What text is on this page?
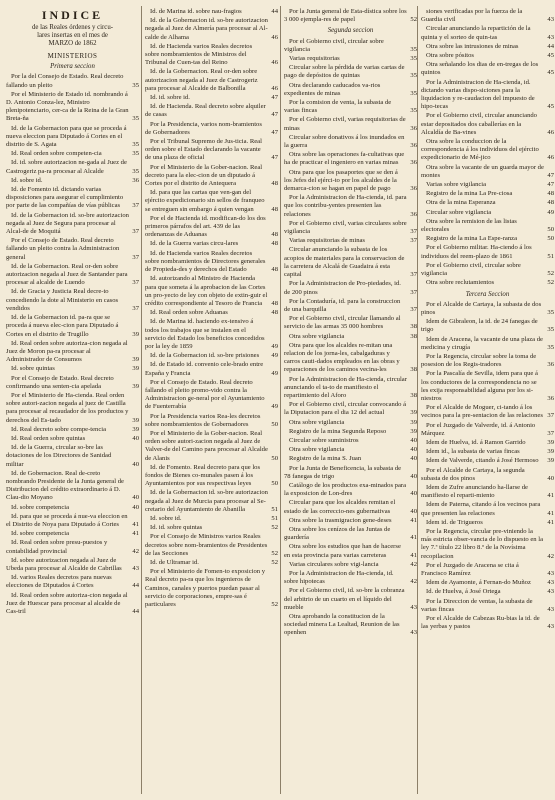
INDICE
de las Reales órdenes y circu-
lares insertas en el mes de
MARZO de 1862
MINISTERIOS
Primera seccion
Por la del Consejo de Estado. Real decreto fallando un pleito	35
Por el Ministerio de Estado id. nombrando á D. Antonio Conza-lez, Ministro plenipotenciario, cer-ca de la Reina de la Gran Breta-ña	35
Id. de la Gobernacion para que se proceda á nueva eleccion para Diputado á Cortes en el distrito de S. Agata	35
Id. Real orden sobre competen-cia	35
Id. id. sobre autorizacion ne-gada al Juez de Castrogeriz pa-ra procesar al Alcalde	35
Id. sobre id.	36
Id. de Fomento id. dictando varias disposiciones para asegurar el cumplimiento por parte de las compañías de vías públicas 37
Id. de la Gobernacion id. so-bre autorizacion negada al Juez de Segura para procesar al Alcal-de de Moquitá	37
Por el Consejo de Estado. Real decreto fallando un pleito contra la Administracion general	37
Id. de la Gobernacion. Real or-den sobre autorizacion negada al Juez de Santander para procesar al alcalde de Luendo	37
Id. de Gracia y Justicia Real decre-to concediendo la dote al Ministerio en casos vendidos	37
Id. de la Gobernacion id. pa-ra que se proceda á nueva elec-cion para Diputado á Cortes en el distrito de Trugillo	39
Id. Real orden sobre autoriza-cion negada al Juez de Moron pa-ra procesar al Administrador de Consumos	39
Id. sobre quintas	39
Por el Consejo de Estado. Real decreto confirmando una senten-cia apelada	39
Por el Ministerio de Ha-cienda. Real orden sobre autori-zacion negada al juez de Castilla para procesar al recaudador de los productos y derechos del Es-tado	39
Id. Real decreto sobre compe-tencia	39
Id. Real orden sobre quintas	40
Id. de la Guerra, circular so-bre las dotaciones de los Directores de Sanidad militar	40
Id. de Gobernacion. Real de-creto nombrando Presidente de la Junta general de Distribucion del crédito extraordinario á D. Clau-dio Moyano	40
Id. sobre competencia	40
Id. para que se proceda á nue-va eleccion en el Distrito de Noya para Diputado á Cortes 41
Id. sobre competencia	41
Id. Real orden sobre presu-puestos y contabilidad provincial	42
Id. sobre autorizacion negada al Juez de Ubeda para procesar al Alcalde de Cabrillas 43
Id. varios Reales decretos para nuevas elecciones de Diputados á Cortes	44
Id. Real orden sobre autoriza-cion negada al Juez de Huescar para procesar al alcalde de Cas-tril	44
Id. de Marina id. sobre nau-fragios	44
Id. de la Gobernacion id. so-bre autorizacion negada al Juez de Almería para procesar al Al-calde de Alhama	46
Id. de Hacienda varios Reales decretos sobre nombramientos de Ministros del Tribunal de Cuen-tas del Reino	46
Id. de la Gobernacion. Real or-den sobre autorizacion negada al Juez de Castrogeriz para procesar al Alcalde de Balbonilla	46
Id. id. sobre id.	47
Id. de Hacienda. Real decreto sobre alquiler de casas	47
Por la Presidencia, varios nom-bramientos de Gobernadores	47
Por el Tribunal Supremo de Jus-ticia. Real orden sobre el Estado declarando la vacante de una plaza de oficial	47
Por el Ministerio de la Gober-nacion. Real decreto para la elec-cion de un diputado á Cortes por el distrito de Antequera	48
Id. para que las cartas que ven-gan del ejército expedicionario sin sellos de franqueo se entreguen sin embargo á quien vengan	48
Por el de Hacienda id. modifican-do los dos primeros párrafos del art. 439 de las ordenanzas de Aduanas	48
Id. de la Guerra varias circu-lares	48
Id. de Hacienda varios Reales decretos sobre nombramientos de Directores generales de Propieda-des y derechos del Estado	48
Id. autorizando al Ministro de Hacienda para que someta á la aprobacion de las Cortes un pro-yecto de ley con objeto de extin-guir el crédito correspondiente al Tesoro de Francia 48
Id. Real orden sobre Aduanas	48
Id. de Marina id. haciendo ex-tensivo á todos los trabajos que se instalen en el servicio del Estado los beneficios concedidos por la ley de 1859	49
Id. de la Gobernacion id. so-bre prisiones 49
Id. de Estado id. convenio cele-brado entre España y Francia	49
Por el Consejo de Estado. Real decreto fallando el pleito promo-vido contra la Administracion ge-neral por el Ayuntamiento de Fuenterrabía	49
Por la Presidencia varios Rea-les decretos sobre nombramientos de Gobernadores	50
Por el Ministerio de la Gober-nacion. Real orden sobre autori-zacion negada al Juez de Valver-de del Camino para procesar al Alcalde de Alanis	50
Id. de Fomento. Real decreto para que los fondos de Bienes co-munales pasen á los Ayuntamientos por sus respectivas leyes	50
Id. de la Gobernacion id. so-bre autorizacion negada al Juez de Murcia para procesar al Se-cretario del Ayuntamiento de Abanilla	51
Id. sobre id.	51
Id. id. sobre quintas	52
Por el Consejo de Ministros varios Reales decretos sobre nom-bramientos de Presidentes de las Secciones	52
Id. de Ultramar id.	52
Por el Ministerio de Fomen-to exposicion y Real decreto pa-ra que los ingenieros de Caminos, canales y puertos puedan pasar al servicio de corporaciones, empre-sas é particulares	52
Por la Junta general de Esta-dística sobre los 3 000 ejempla-res de papel	52
Segunda seccion
Por el Gobierno civil, circular sobre vigilancia	35
Varias requisitorias	35
Circular sobre la pérdida de varias cartas de pago de depósitos de quintas	35
Otra declarando caducados va-rios expedientes de minas	35
Por la comision de venta, la subasta de varias fincas	35
Por el Gobierno civil, varias requisitorias de minas	36
Circular sobre donativos á los inundados en la guerra	36
Otra sobre las operaciones fa-cultativas que ha de practicar el ingeniero en varias minas 36
Otra para que los pasaportes que se den á los Jefes del ejérci-to por los alcaldes de la demarca-cion se hagan en papel de pago	36
Por la Administracion de Ha-cienda, id. para que los contribu-yentes presenten las relaciones	36
Por el Gobierno civil, varias circulares sobre vigilancia	37
Varias requisitorias de minas	37
Circular anunciando la subasta de los acopios de materiales para la conservacion de la carretera de Alcalá de Guadaira á esta capital	37
Por la Administracion de Pro-piedades, id. de 200 pinos	37
Por la Contaduría, id. para la construccion de una barquilla	37
Por el Gobierno civil, circular llamando al servicio de las armas 35 000 hombres	38
Otra sobre vigilancia	38
Otra para que los alcaldes re-mitan una relacion de los jorna-les, cabalgaduras y carros cauti-dados empleados en las obras y reparaciones de los caminos vecina-les	38
Por la Administracion de Ha-cienda, circular anunciando el ta-to de manifiesto el repartimiento del Aforo	38
Por el Gobierno civil, circular convocando á la Diputacion para el dia 12 del actual	39
Otra sobre vigilancia	39
Registro de la mina Segunda Reposo	39
Circular sobre suministros	40
Otra sobre vigilancia	40
Registro de la mina S. Juan	40
Por la Junta de Beneficencia, la subasta de 78 fanegas de trigo	40
Catálogo de los productos exa-minados para la exposicion de Lon-dres	40
Circular para que los alcaldes remitan el estado de las correccio-nes gubernativas	40
Otra sobre la trasmigracion gene-deses	41
Otra sobre los cenízos de las Juntas de guardería	41
Otra sobre los estudios que han de hacerse en esta provincia para varias carreteras	41
Varias circulares sobre vigi-lancia	42
Por la Administracion de Ha-cienda, id. sobre hipotecas	42
Por el Gobierno civil, id. so-bre la cobranza del arbitrio de un cuarto en el líquido del mueble	43
Otra aprobando la constitucion de la sociedad minera La Lealtad, Reunion de las openhen	43
siones verificadas por la fuerza de la Guardia civil	43
Circular anunciando la repartición de la quinta y el sorteo de quin-tas	43
Otra sobre las intrusiones de minas	44
Otra sobre pósitos	45
Otra señalando los dias de en-tregas de los quintos	45
Por la Administracion de Ha-cienda, id. dictando varias dispo-siciones para la liquidacion y re-caudacion del impuesto de hipo-tecas	45
Por el Gobierno civil, circular anunciando estar depositados dos caballerías en la Alcaldía de Ba-vines	46
Otra sobre la conduccion de la correspondencia á los individuos del ejército expedicionario de Mé-jico	46
Otra sobre la vacante de un guarda mayor de montes	47
Varias sobre vigilancia	47
Registro de la mina La Pre-ciosa	48
Otra de la mina Esperanza	48
Circular sobre vigilancia	49
Otra sobre la remision de las listas electorales	50
Registro de la mina La Espe-ranza	50
Por el Gobierno militar. Ha-ciendo á los individuos del reem-plazo de 1861	51
Por el Gobierno civil, circular sobre vigilancia	52
Otra sobre reclutamientos	52
Tercera Seccion
Por el Alcalde de Cartaya, la subasta de dos pinos	35
Idem de Gibraleon, la id. de 24 fanegas de trigo	35
Idem de Aracena, la vacante de una plaza de medicina y cirugía	35
Por la Regencia, circular sobre la toma de posesion de los Regis-tradores	36
Por la Pascalía de Sevilla, idem para que á los conductores de la correspondencia no se les exija responsabilidad alguna por los si-niestros	36
Por el Alcalde de Moguer, ci-tando á los vecinos para la pre-sentacion de las relaciones 37
Por el Juzgado de Valverde, id. á Antonio Márquez	37
Idem de Huelva, id. á Ramon Garrido	39
Idem id., la subasta de varias fincas	39
Idem de Valverde, citando á José Hermoso 39
Por el Alcalde de Cartaya, la segunda subasta de dos pinos	40
Idem de Zufre anunciando ha-llarse de manifiesto el reparti-miento	41
Idem de Paterna, citando á los vecinos para que presenten las relaciones	41
Idem id. de Trigueros	41
Por la Regencia, circular pre-viniendo la más estricta obser-vancia de lo dispuesto en la ley 7.ª título 22 libro 8.º de la Novísima recopilacion	42
Por el Juzgado de Aracena se cita á Francisco Ramírez	43
Idem de Ayamonte, á Fernan-do Muñoz	43
Id. de Huelva, á José Ortega	43
Por la Direccion de ventas, la subasta de varias fincas	43
Por el Alcalde de Cabezas Ru-bias la id. de las yerbas y pastos	43
